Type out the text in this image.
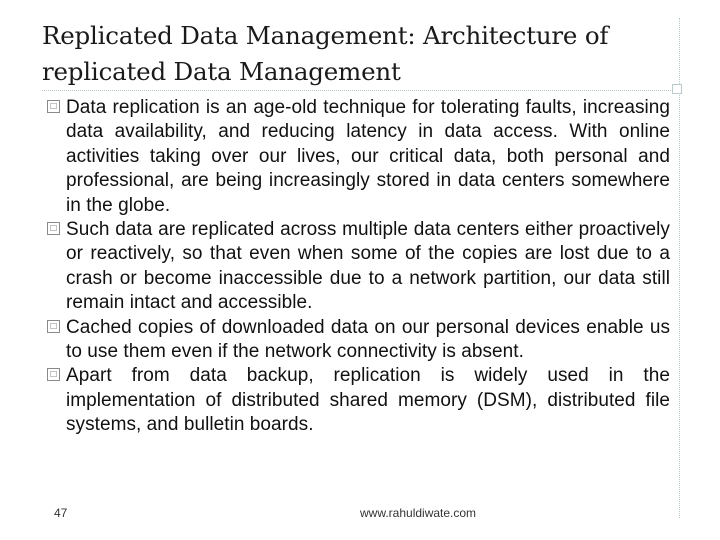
Replicated Data Management: Architecture of replicated Data Management
□ Data replication is an age-old technique for tolerating faults, increasing data availability, and reducing latency in data access. With online activities taking over our lives, our critical data, both personal and professional, are being increasingly stored in data centers somewhere in the globe.
□ Such data are replicated across multiple data centers either proactively or reactively, so that even when some of the copies are lost due to a crash or become inaccessible due to a network partition, our data still remain intact and accessible.
□ Cached copies of downloaded data on our personal devices enable us to use them even if the network connectivity is absent.
□ Apart from data backup, replication is widely used in the implementation of distributed shared memory (DSM), distributed file systems, and bulletin boards.
47	www.rahuldiwate.com
